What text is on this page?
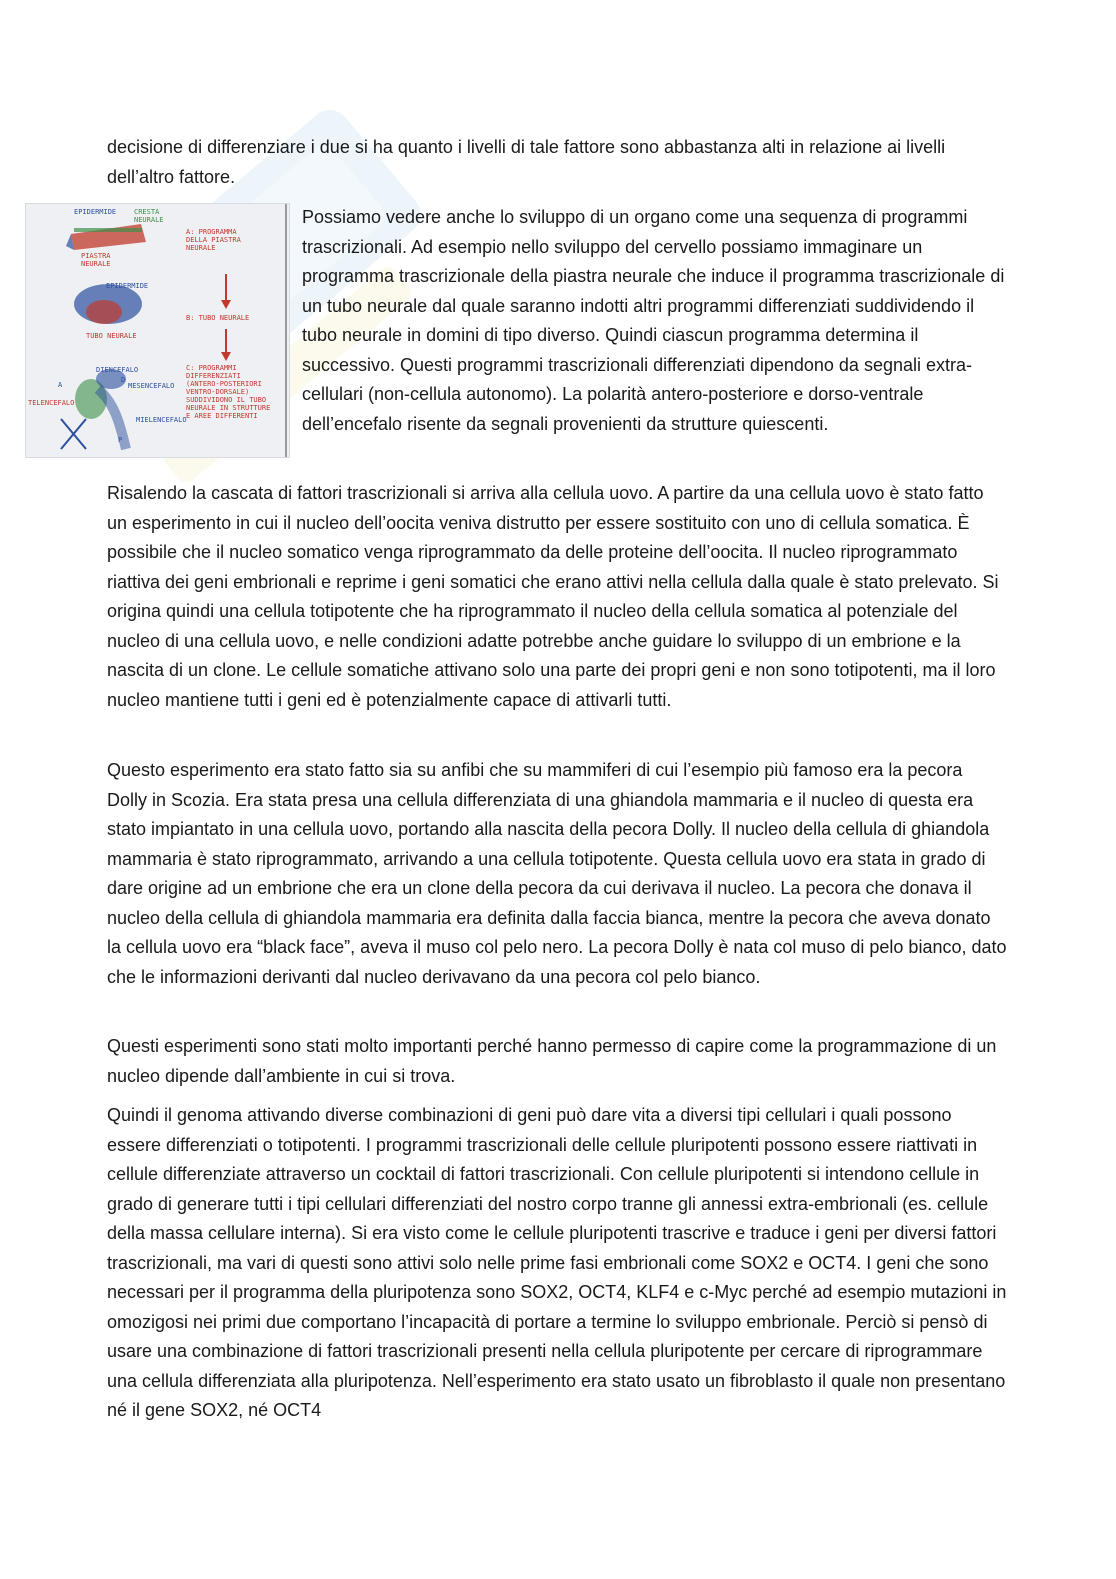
decisione di differenziare i due si ha quanto i livelli di tale fattore sono abbastanza alti in relazione ai livelli dell’altro fattore.

EPIDERMIDE	CRESTA
NEURALE
PIASTRA
NEURALE
A: PROGRAMMA
DELLA PIASTRA
NEURALE
EPIDERMIDE
TUBO NEURALE
B: TUBO NEURALE
DIENCEFALO
MESENCEFALO
TELENCEFALO
MIELENCEFALO
C: PROGRAMMI
DIFFERENZIATI
(ANTERO-POSTERIORI
VENTRO-DORSALE)
SUDDIVIDONO IL TUBO
NEURALE IN STRUTTURE
E AREE DIFFERENTI
A
P
D

Possiamo vedere anche lo sviluppo di un organo come una sequenza di programmi trascrizionali. Ad esempio nello sviluppo del cervello possiamo immaginare un programma trascrizionale della piastra neurale che induce il programma trascrizionale di un tubo neurale dal quale saranno indotti altri programmi differenziati suddividendo il tubo neurale in domini di tipo diverso. Quindi ciascun programma determina il successivo. Questi programmi trascrizionali differenziati dipendono da segnali extra-cellulari (non-cellula autonomo). La polarità antero-posteriore e dorso-ventrale dell’encefalo risente da segnali provenienti da strutture quiescenti.

Risalendo la cascata di fattori trascrizionali si arriva alla cellula uovo. A partire da una cellula uovo è stato fatto un esperimento in cui il nucleo dell’oocita veniva distrutto per essere sostituito con uno di cellula somatica. È possibile che il nucleo somatico venga riprogrammato da delle proteine dell’oocita. Il nucleo riprogrammato riattiva dei geni embrionali e reprime i geni somatici che erano attivi nella cellula dalla quale è stato prelevato. Si origina quindi una cellula totipotente che ha riprogrammato il nucleo della cellula somatica al potenziale del nucleo di una cellula uovo, e nelle condizioni adatte potrebbe anche guidare lo sviluppo di un embrione e la nascita di un clone. Le cellule somatiche attivano solo una parte dei propri geni e non sono totipotenti, ma il loro nucleo mantiene tutti i geni ed è potenzialmente capace di attivarli tutti.

Questo esperimento era stato fatto sia su anfibi che su mammiferi di cui l’esempio più famoso era la pecora Dolly in Scozia. Era stata presa una cellula differenziata di una ghiandola mammaria e il nucleo di questa era stato impiantato in una cellula uovo, portando alla nascita della pecora Dolly. Il nucleo della cellula di ghiandola mammaria è stato riprogrammato, arrivando a una cellula totipotente. Questa cellula uovo era stata in grado di dare origine ad un embrione che era un clone della pecora da cui derivava il nucleo. La pecora che donava il nucleo della cellula di ghiandola mammaria era definita dalla faccia bianca, mentre la pecora che aveva donato la cellula uovo era “black face”, aveva il muso col pelo nero. La pecora Dolly è nata col muso di pelo bianco, dato che le informazioni derivanti dal nucleo derivavano da una pecora col pelo bianco.

Questi esperimenti sono stati molto importanti perché hanno permesso di capire come la programmazione di un nucleo dipende dall’ambiente in cui si trova.

Quindi il genoma attivando diverse combinazioni di geni può dare vita a diversi tipi cellulari i quali possono essere differenziati o totipotenti. I programmi trascrizionali delle cellule pluripotenti possono essere riattivati in cellule differenziate attraverso un cocktail di fattori trascrizionali. Con cellule pluripotenti si intendono cellule in grado di generare tutti i tipi cellulari differenziati del nostro corpo tranne gli annessi extra-embrionali (es. cellule della massa cellulare interna). Si era visto come le cellule pluripotenti trascrive e traduce i geni per diversi fattori trascrizionali, ma vari di questi sono attivi solo nelle prime fasi embrionali come SOX2 e OCT4. I geni che sono necessari per il programma della pluripotenza sono SOX2, OCT4, KLF4 e c-Myc perché ad esempio mutazioni in omozigosi nei primi due comportano l’incapacità di portare a termine lo sviluppo embrionale. Perciò si pensò di usare una combinazione di fattori trascrizionali presenti nella cellula pluripotente per cercare di riprogrammare una cellula differenziata alla pluripotenza. Nell’esperimento era stato usato un fibroblasto il quale non presentano né il gene SOX2, né OCT4
